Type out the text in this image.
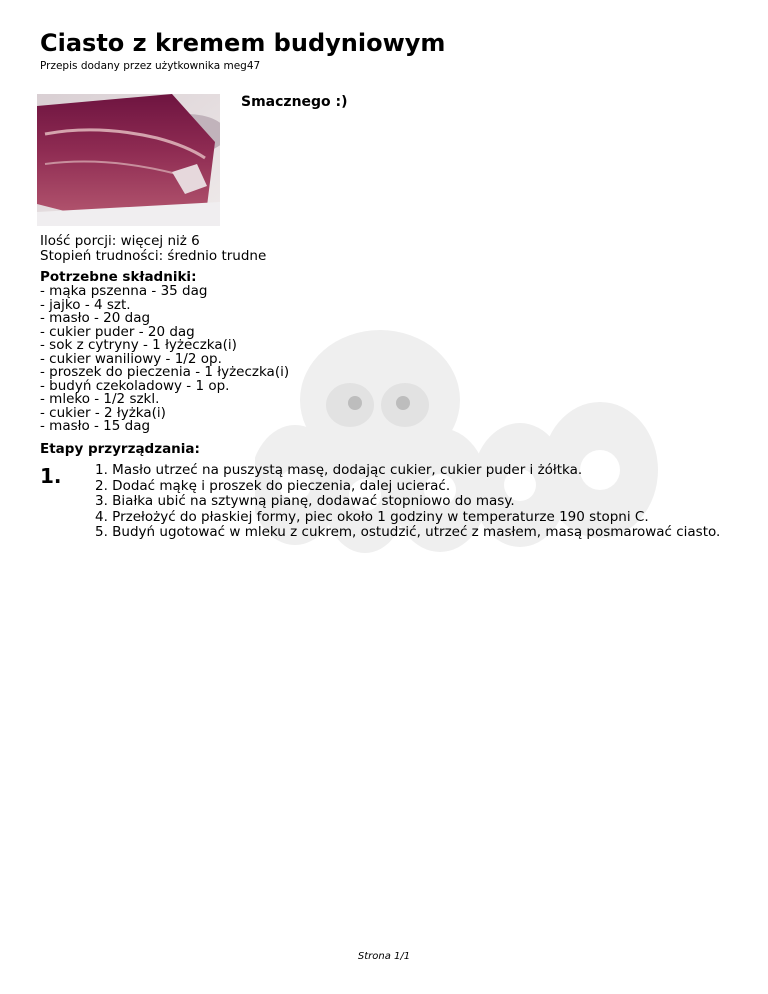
Ciasto z kremem budyniowym
Przepis dodany przez użytkownika meg47
Smacznego :)
Ilość porcji: więcej niż 6
Stopień trudności: średnio trudne
Potrzebne składniki:
- mąka pszenna - 35 dag
- jajko - 4 szt.
- masło - 20 dag
- cukier puder - 20 dag
- sok z cytryny - 1 łyżeczka(i)
- cukier waniliowy - 1/2 op.
- proszek do pieczenia - 1 łyżeczka(i)
- budyń czekoladowy - 1 op.
- mleko - 1/2 szkl.
- cukier - 2 łyżka(i)
- masło - 15 dag
Etapy przyrządzania:
1. 1. Masło utrzeć na puszystą masę, dodając cukier, cukier puder i żółtka.
2. Dodać mąkę i proszek do pieczenia, dalej ucierać.
3. Białka ubić na sztywną pianę, dodawać stopniowo do masy.
4. Przełożyć do płaskiej formy, piec około 1 godziny w temperaturze 190 stopni C.
5. Budyń ugotować w mleku z cukrem, ostudzić, utrzeć z masłem, masą posmarować ciasto.
Strona 1/1
